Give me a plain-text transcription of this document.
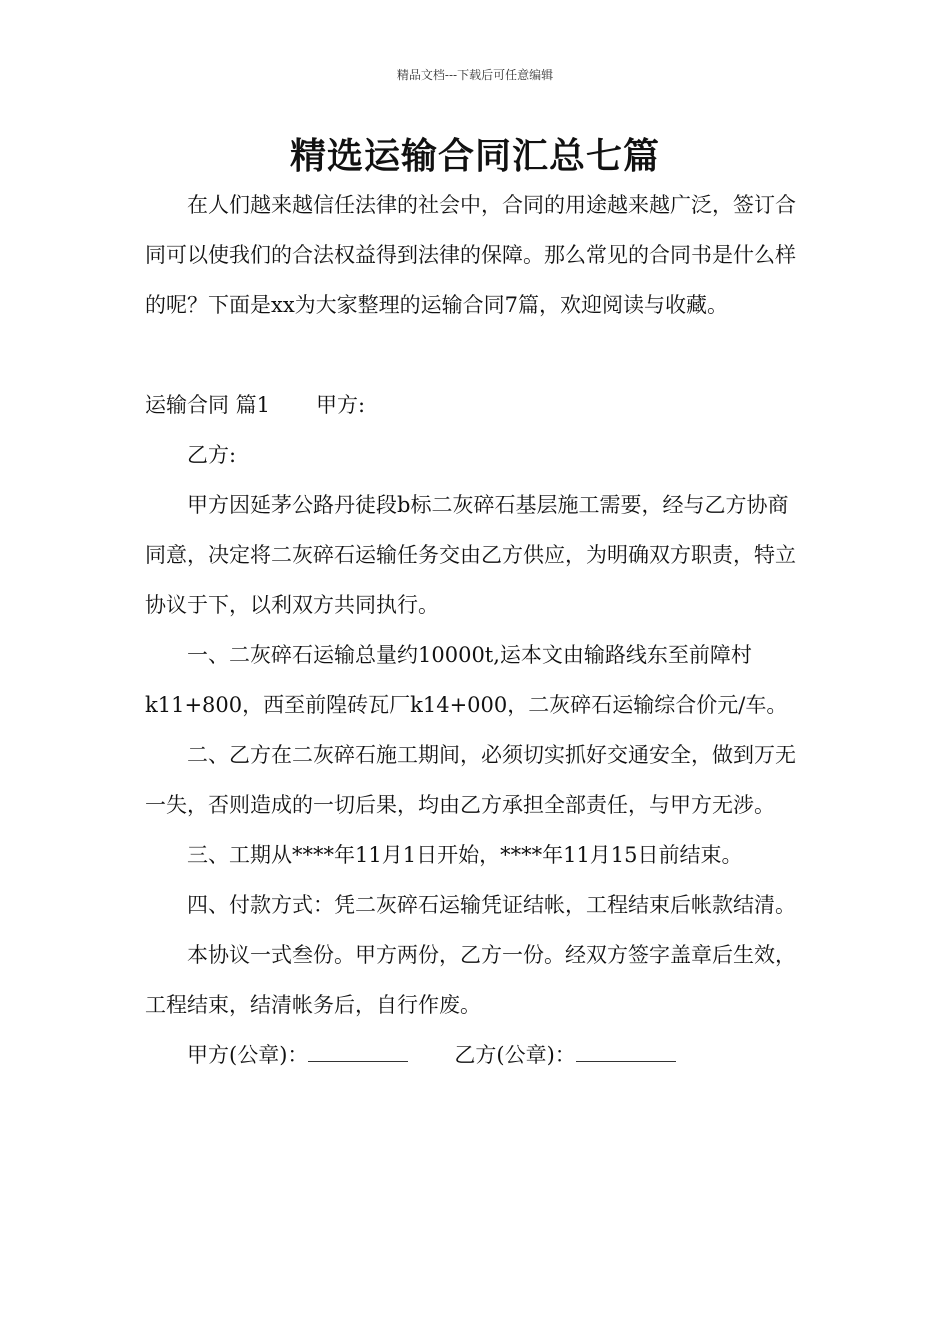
精品文档---下载后可任意编辑
精选运输合同汇总七篇

在人们越来越信任法律的社会中，合同的用途越来越广泛，签订合同可以使我们的合法权益得到法律的保障。那么常见的合同书是什么样的呢？下面是xx为大家整理的运输合同7篇，欢迎阅读与收藏。

运输合同 篇1 甲方:

乙方:

甲方因延茅公路丹徒段b标二灰碎石基层施工需要，经与乙方协商同意，决定将二灰碎石运输任务交由乙方供应，为明确双方职责，特立协议于下，以利双方共同执行。

一、二灰碎石运输总量约10000t,运本文由输路线东至前障村k11+800，西至前隍砖瓦厂k14+000，二灰碎石运输综合价元/车。

二、乙方在二灰碎石施工期间，必须切实抓好交通安全，做到万无一失，否则造成的一切后果，均由乙方承担全部责任，与甲方无涉。

三、工期从****年11月1日开始，****年11月15日前结束。

四、付款方式：凭二灰碎石运输凭证结帐，工程结束后帐款结清。

本协议一式叁份。甲方两份，乙方一份。经双方签字盖章后生效，工程结束，结清帐务后，自行作废。

甲方(公章)：	乙方(公章)：
